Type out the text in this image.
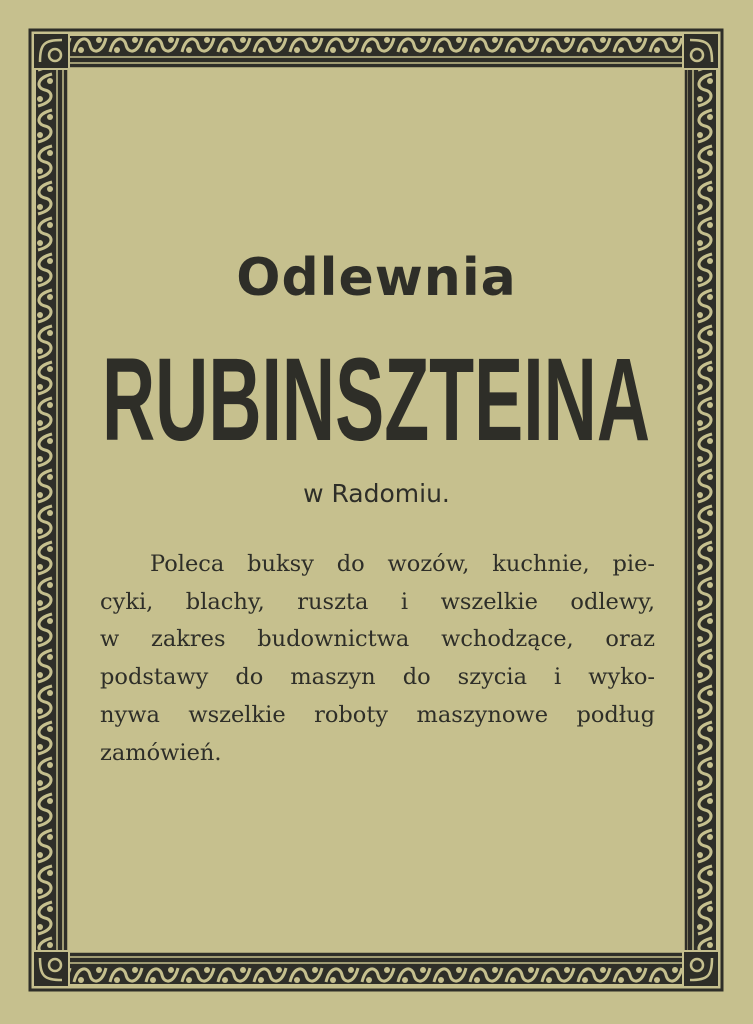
Odlewnia
RUBINSZTEINA

w Radomiu.

Poleca buksy do wozów, kuchnie, pie-
cyki, blachy, ruszta i wszelkie odlewy,
w zakres budownictwa wchodzące, oraz
podstawy do maszyn do szycia i wyko-
nywa wszelkie roboty maszynowe podług
zamówień.
